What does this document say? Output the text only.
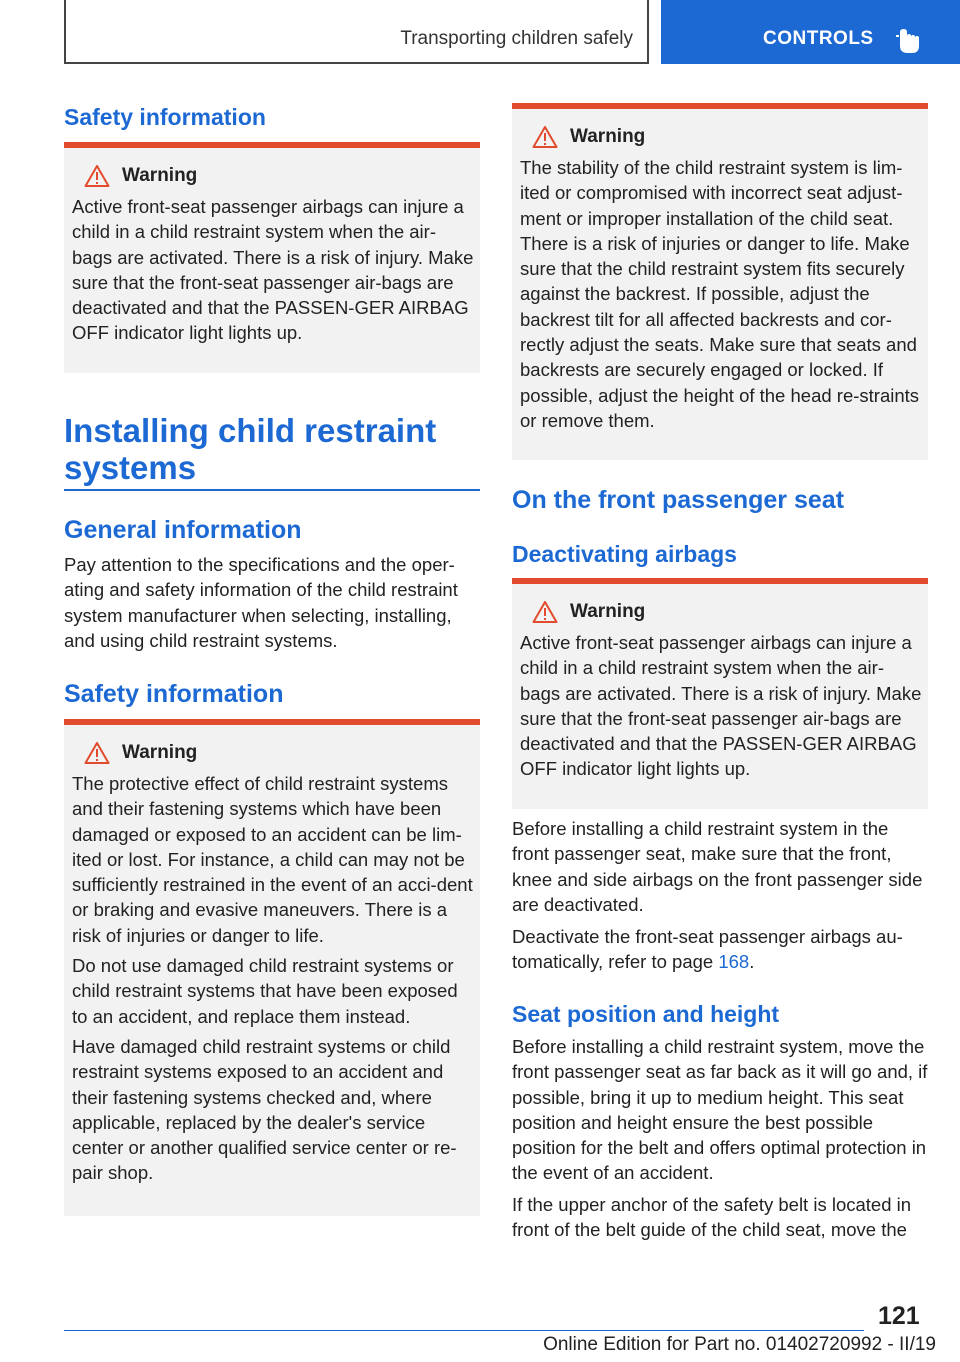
Transporting children safely	CONTROLS
Safety information
Warning

Active front-seat passenger airbags can injure a child in a child restraint system when the air-bags are activated. There is a risk of injury. Make sure that the front-seat passenger air-bags are deactivated and that the PASSEN-GER AIRBAG OFF indicator light lights up.

Installing child restraint systems
General information

Pay attention to the specifications and the oper-ating and safety information of the child restraint system manufacturer when selecting, installing, and using child restraint systems.

Safety information
Warning

The protective effect of child restraint systems and their fastening systems which have been damaged or exposed to an accident can be lim-ited or lost. For instance, a child can may not be sufficiently restrained in the event of an acci-dent or braking and evasive maneuvers. There is a risk of injuries or danger to life.

Do not use damaged child restraint systems or child restraint systems that have been exposed to an accident, and replace them instead.

Have damaged child restraint systems or child restraint systems exposed to an accident and their fastening systems checked and, where applicable, replaced by the dealer's service center or another qualified service center or re-pair shop.

Warning

The stability of the child restraint system is lim-ited or compromised with incorrect seat adjust-ment or improper installation of the child seat. There is a risk of injuries or danger to life. Make sure that the child restraint system fits securely against the backrest. If possible, adjust the backrest tilt for all affected backrests and cor-rectly adjust the seats. Make sure that seats and backrests are securely engaged or locked. If possible, adjust the height of the head re-straints or remove them.

On the front passenger seat
Deactivating airbags
Warning

Active front-seat passenger airbags can injure a child in a child restraint system when the air-bags are activated. There is a risk of injury. Make sure that the front-seat passenger air-bags are deactivated and that the PASSEN-GER AIRBAG OFF indicator light lights up.

Before installing a child restraint system in the front passenger seat, make sure that the front, knee and side airbags on the front passenger side are deactivated.

Deactivate the front-seat passenger airbags au-tomatically, refer to page 168.

Seat position and height

Before installing a child restraint system, move the front passenger seat as far back as it will go and, if possible, bring it up to medium height. This seat position and height ensure the best possible position for the belt and offers optimal protection in the event of an accident.

If the upper anchor of the safety belt is located in front of the belt guide of the child seat, move the

121
Online Edition for Part no. 01402720992 - II/19
